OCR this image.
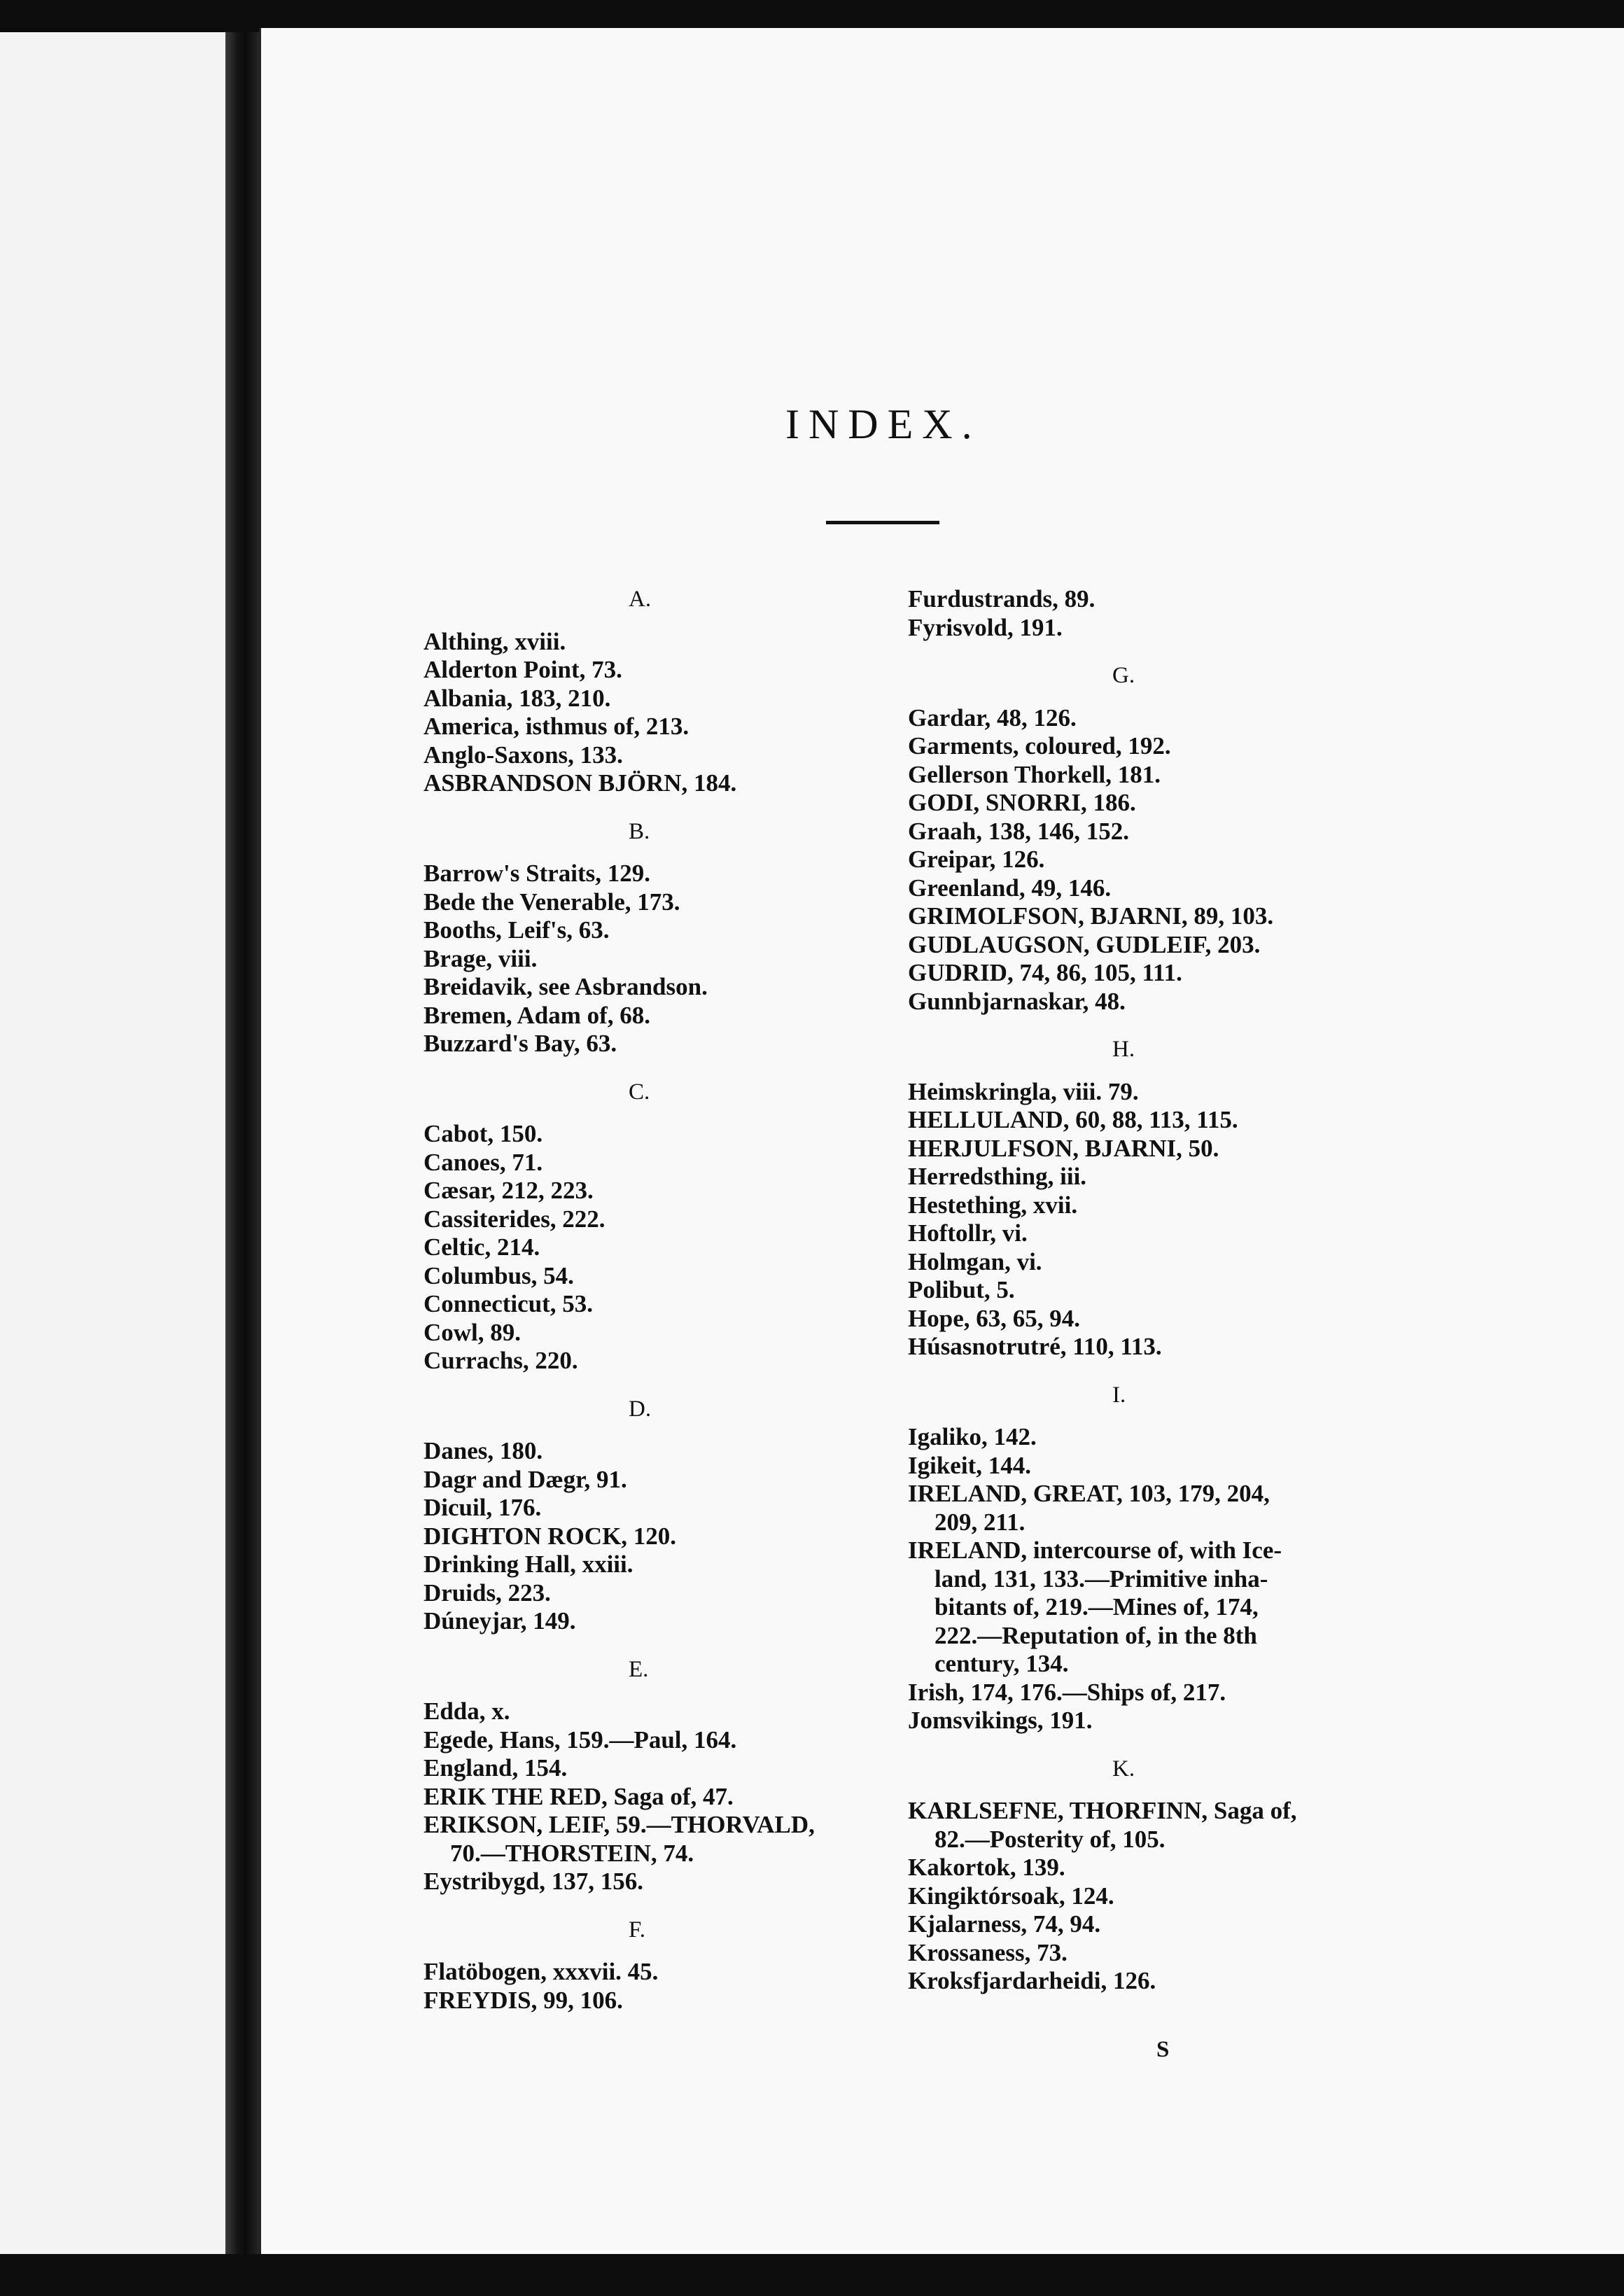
INDEX.
A.
Althing, xviii.
Alderton Point, 73.
Albania, 183, 210.
America, isthmus of, 213.
Anglo-Saxons, 133.
ASBRANDSON BJÖRN, 184.
B.
Barrow's Straits, 129.
Bede the Venerable, 173.
Booths, Leif's, 63.
Brage, viii.
Breidavik, see Asbrandson.
Bremen, Adam of, 68.
Buzzard's Bay, 63.
C.
Cabot, 150.
Canoes, 71.
Cæsar, 212, 223.
Cassiterides, 222.
Celtic, 214.
Columbus, 54.
Connecticut, 53.
Cowl, 89.
Currachs, 220.
D.
Danes, 180.
Dagr and Dægr, 91.
Dicuil, 176.
DIGHTON ROCK, 120.
Drinking Hall, xxiii.
Druids, 223.
Dúneyjar, 149.
E.
Edda, x.
Egede, Hans, 159.—Paul, 164.
England, 154.
ERIK THE RED, Saga of, 47.
ERIKSON, LEIF, 59.—THORVALD,
70.—THORSTEIN, 74.
Eystribygd, 137, 156.
F.
Flatöbogen, xxxvii. 45.
FREYDIS, 99, 106.
Furdustrands, 89.
Fyrisvold, 191.
G.
Gardar, 48, 126.
Garments, coloured, 192.
Gellerson Thorkell, 181.
GODI, SNORRI, 186.
Graah, 138, 146, 152.
Greipar, 126.
Greenland, 49, 146.
GRIMOLFSON, BJARNI, 89, 103.
GUDLAUGSON, GUDLEIF, 203.
GUDRID, 74, 86, 105, 111.
Gunnbjarnaskar, 48.
H.
Heimskringla, viii. 79.
HELLULAND, 60, 88, 113, 115.
HERJULFSON, BJARNI, 50.
Herredsthing, iii.
Hestething, xvii.
Hoftollr, vi.
Holmgan, vi.
Polibut, 5.
Hope, 63, 65, 94.
Húsasnotrutré, 110, 113.
I.
Igaliko, 142.
Igikeit, 144.
IRELAND, GREAT, 103, 179, 204,
209, 211.
IRELAND, intercourse of, with Ice-
land, 131, 133.—Primitive inha-
bitants of, 219.—Mines of, 174,
222.—Reputation of, in the 8th
century, 134.
Irish, 174, 176.—Ships of, 217.
Jomsvikings, 191.
K.
KARLSEFNE, THORFINN, Saga of,
82.—Posterity of, 105.
Kakortok, 139.
Kingiktórsoak, 124.
Kjalarness, 74, 94.
Krossaness, 73.
Kroksfjardarheidi, 126.
S
